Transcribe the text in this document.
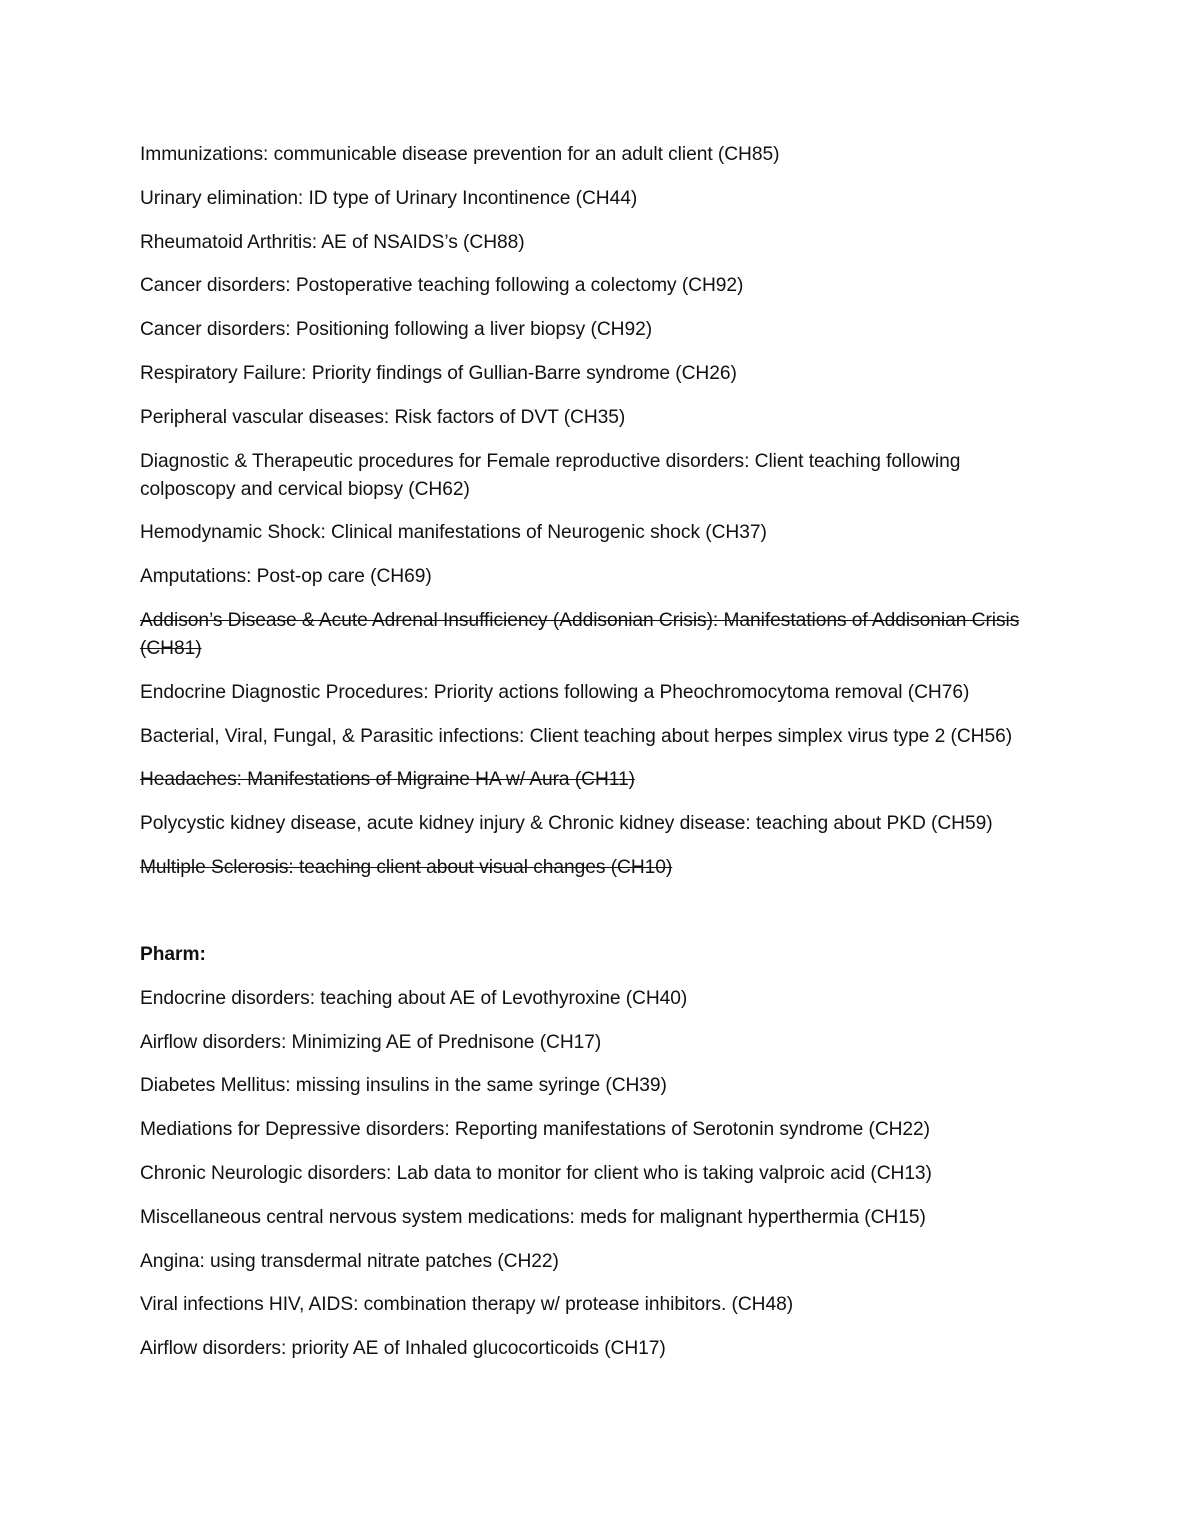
Immunizations: communicable disease prevention for an adult client (CH85)

Urinary elimination: ID type of Urinary Incontinence (CH44)

Rheumatoid Arthritis: AE of NSAIDS’s (CH88)

Cancer disorders: Postoperative teaching following a colectomy (CH92)

Cancer disorders: Positioning following a liver biopsy (CH92)

Respiratory Failure: Priority findings of Gullian-Barre syndrome (CH26)

Peripheral vascular diseases: Risk factors of DVT (CH35)

Diagnostic & Therapeutic procedures for Female reproductive disorders: Client teaching following colposcopy and cervical biopsy (CH62)

Hemodynamic Shock: Clinical manifestations of Neurogenic shock (CH37)

Amputations: Post-op care (CH69)

Addison’s Disease & Acute Adrenal Insufficiency (Addisonian Crisis): Manifestations of Addisonian Crisis (CH81)

Endocrine Diagnostic Procedures: Priority actions following a Pheochromocytoma removal (CH76)

Bacterial, Viral, Fungal, & Parasitic infections: Client teaching about herpes simplex virus type 2 (CH56)

Headaches: Manifestations of Migraine HA w/ Aura (CH11)

Polycystic kidney disease, acute kidney injury & Chronic kidney disease: teaching about PKD (CH59)

Multiple Sclerosis: teaching client about visual changes (CH10)

Pharm:

Endocrine disorders: teaching about AE of Levothyroxine (CH40)

Airflow disorders: Minimizing AE of Prednisone (CH17)

Diabetes Mellitus: missing insulins in the same syringe (CH39)

Mediations for Depressive disorders: Reporting manifestations of Serotonin syndrome (CH22)

Chronic Neurologic disorders: Lab data to monitor for client who is taking valproic acid (CH13)

Miscellaneous central nervous system medications: meds for malignant hyperthermia (CH15)

Angina: using transdermal nitrate patches (CH22)

Viral infections HIV, AIDS: combination therapy w/ protease inhibitors. (CH48)

Airflow disorders: priority AE of Inhaled glucocorticoids (CH17)
